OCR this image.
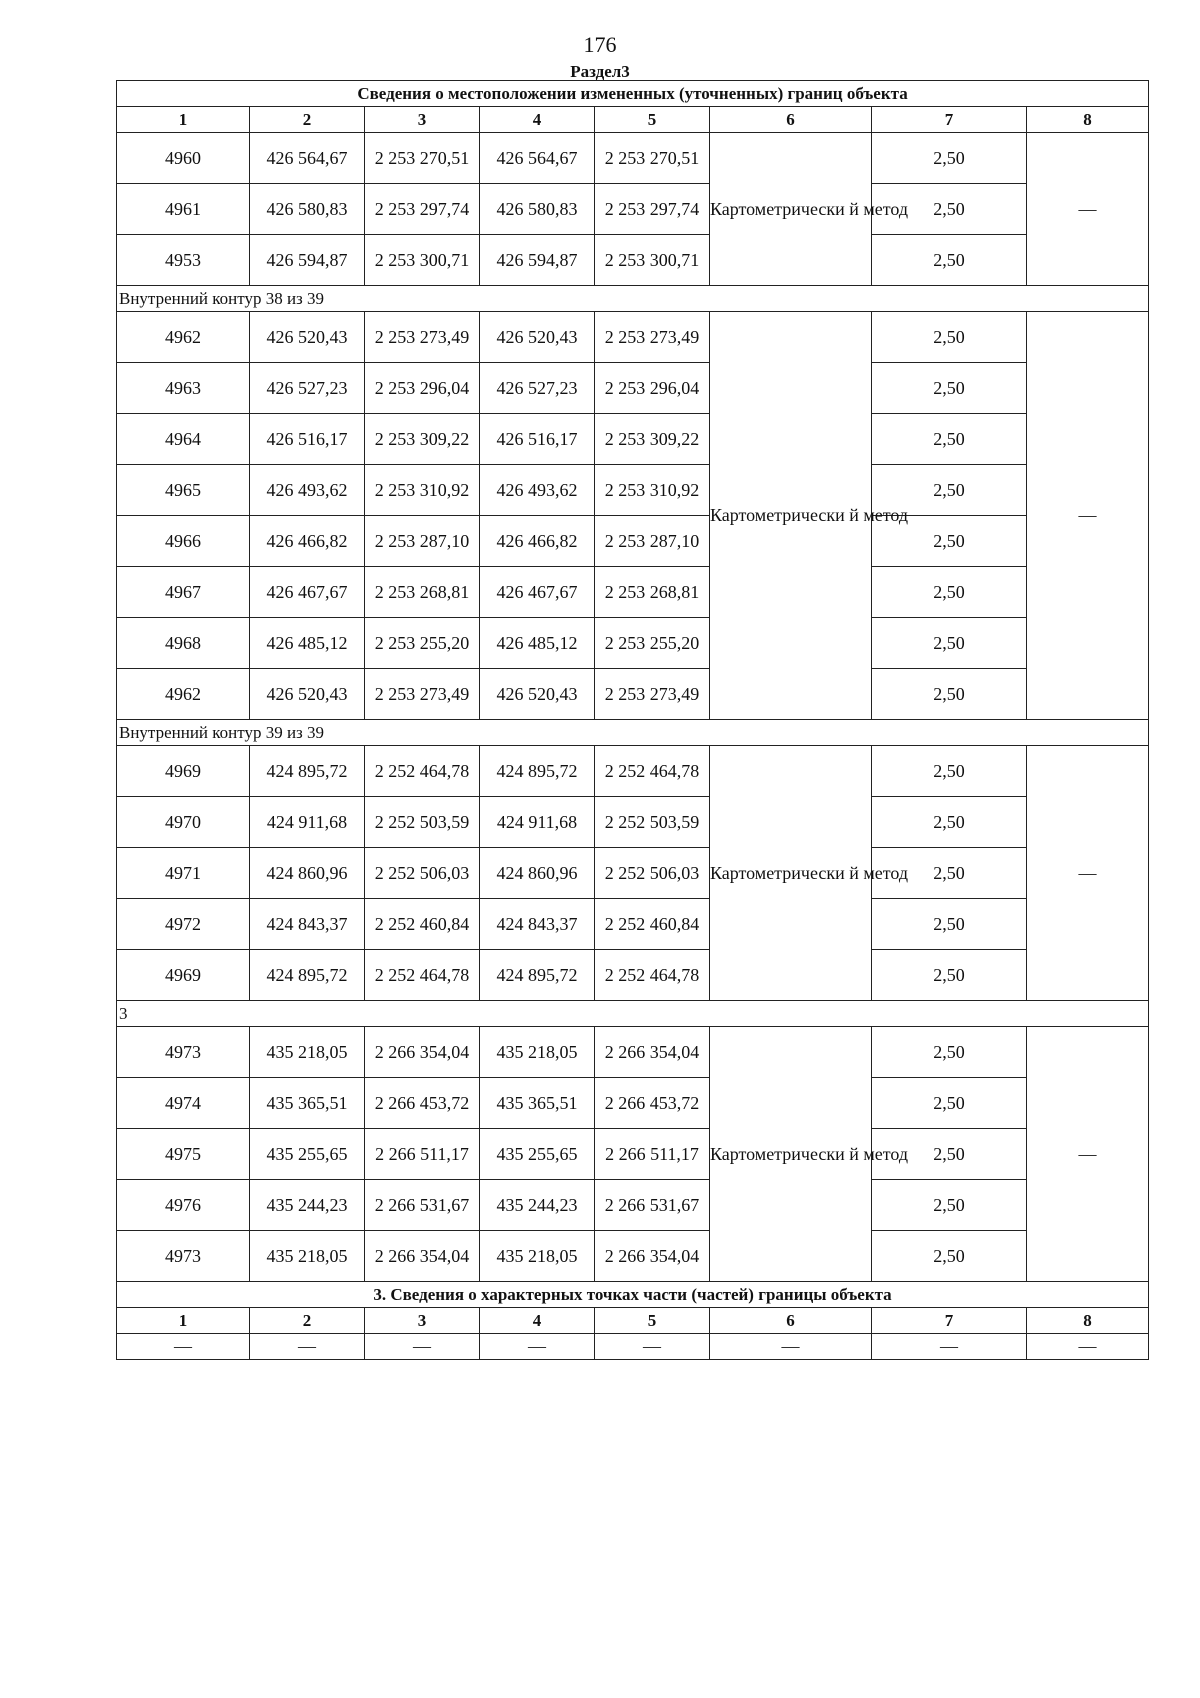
176
Раздел3
Сведения о местоположении измененных (уточненных) границ объекта							
1	2	3	4	5	6	7	8
4960	426 564,67	2 253 270,51	426 564,67	2 253 270,51	Картометрически й метод	2,50	—
4961	426 580,83	2 253 297,74	426 580,83	2 253 297,74		2,50	
4953	426 594,87	2 253 300,71	426 594,87	2 253 300,71		2,50	
Внутренний контур 38 из 39							
4962	426 520,43	2 253 273,49	426 520,43	2 253 273,49	Картометрически й метод	2,50	—
4963	426 527,23	2 253 296,04	426 527,23	2 253 296,04		2,50	
4964	426 516,17	2 253 309,22	426 516,17	2 253 309,22		2,50	
4965	426 493,62	2 253 310,92	426 493,62	2 253 310,92		2,50	
4966	426 466,82	2 253 287,10	426 466,82	2 253 287,10		2,50	
4967	426 467,67	2 253 268,81	426 467,67	2 253 268,81		2,50	
4968	426 485,12	2 253 255,20	426 485,12	2 253 255,20		2,50	
4962	426 520,43	2 253 273,49	426 520,43	2 253 273,49		2,50	
Внутренний контур 39 из 39							
4969	424 895,72	2 252 464,78	424 895,72	2 252 464,78	Картометрически й метод	2,50	—
4970	424 911,68	2 252 503,59	424 911,68	2 252 503,59		2,50	
4971	424 860,96	2 252 506,03	424 860,96	2 252 506,03		2,50	
4972	424 843,37	2 252 460,84	424 843,37	2 252 460,84		2,50	
4969	424 895,72	2 252 464,78	424 895,72	2 252 464,78		2,50	
3							
4973	435 218,05	2 266 354,04	435 218,05	2 266 354,04	Картометрически й метод	2,50	—
4974	435 365,51	2 266 453,72	435 365,51	2 266 453,72		2,50	
4975	435 255,65	2 266 511,17	435 255,65	2 266 511,17		2,50	
4976	435 244,23	2 266 531,67	435 244,23	2 266 531,67		2,50	
4973	435 218,05	2 266 354,04	435 218,05	2 266 354,04		2,50	
3. Сведения о характерных точках части (частей) границы объекта							
1	2	3	4	5	6	7	8
—	—	—	—	—	—	—	—
